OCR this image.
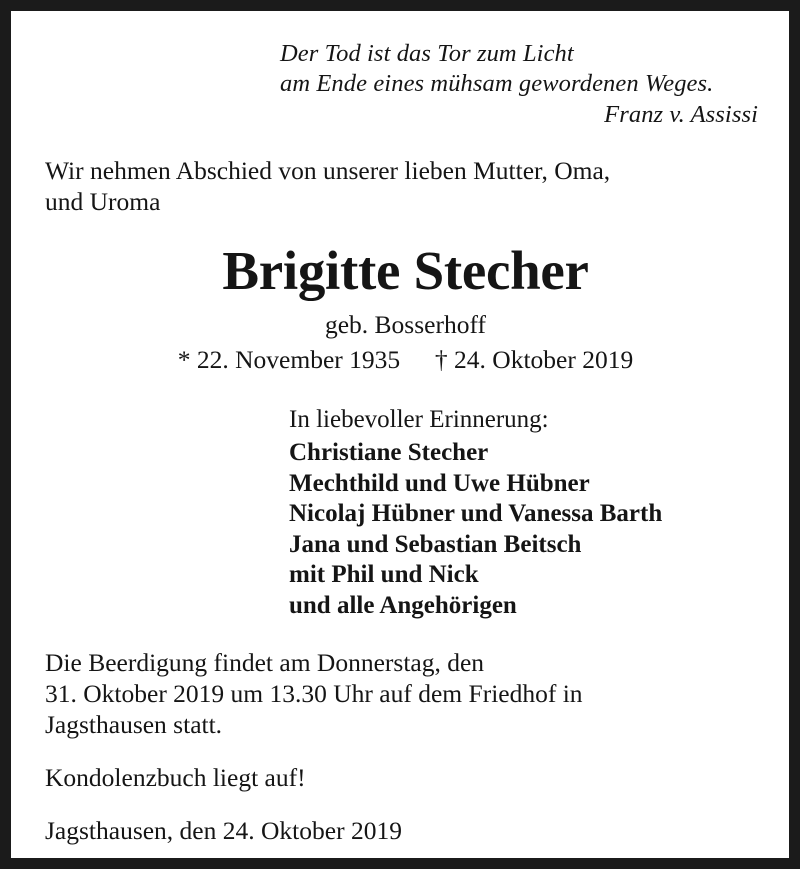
Der Tod ist das Tor zum Licht
am Ende eines mühsam gewordenen Weges.
Franz v. Assissi
Wir nehmen Abschied von unserer lieben Mutter, Oma,
und Uroma
Brigitte Stecher
geb. Bosserhoff
* 22. November 1935 † 24. Oktober 2019
In liebevoller Erinnerung:
Christiane Stecher
Mechthild und Uwe Hübner
Nicolaj Hübner und Vanessa Barth
Jana und Sebastian Beitsch
mit Phil und Nick
und alle Angehörigen

Die Beerdigung findet am Donnerstag, den
31. Oktober 2019 um 13.30 Uhr auf dem Friedhof in
Jagsthausen statt.

Kondolenzbuch liegt auf!

Jagsthausen, den 24. Oktober 2019
